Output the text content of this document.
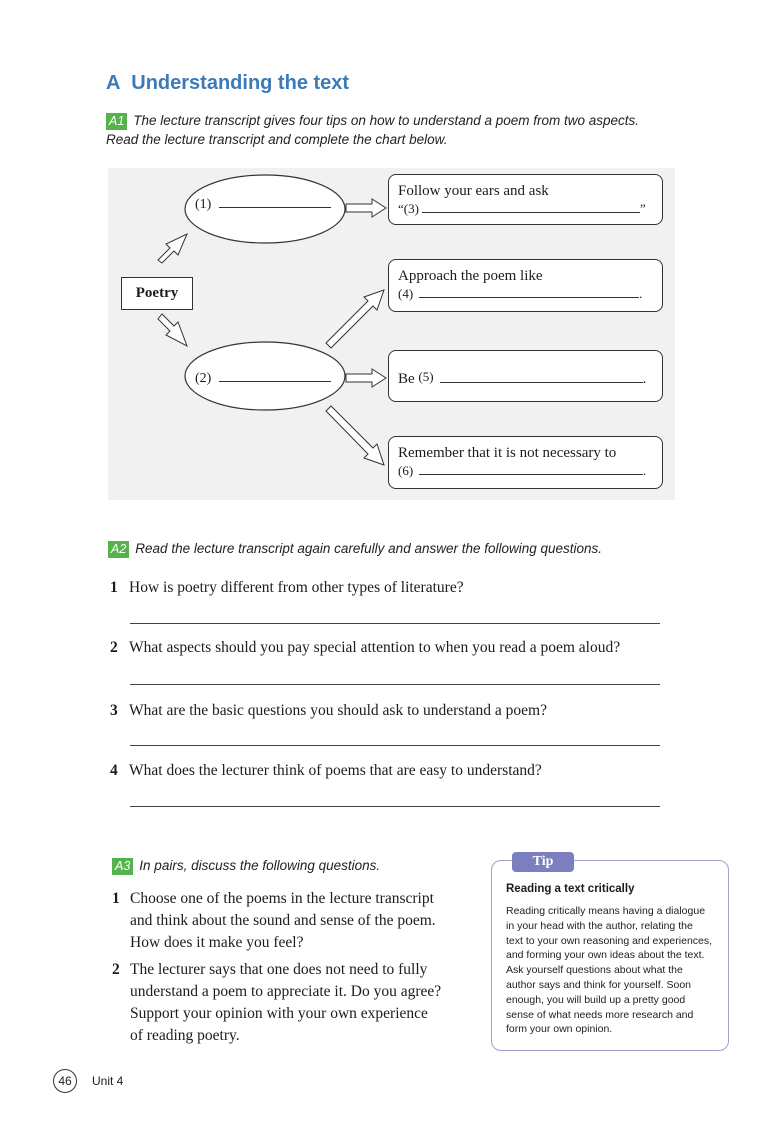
A Understanding the text
A1 The lecture transcript gives four tips on how to understand a poem from two aspects.
Read the lecture transcript and complete the chart below.
Poetry
(1)
(2)
Follow your ears and ask
“(3)	”
Approach the poem like
(4)	.
Be (5)	.
Remember that it is not necessary to
(6)	.
A2 Read the lecture transcript again carefully and answer the following questions.
1 How is poetry different from other types of literature?
2 What aspects should you pay special attention to when you read a poem aloud?
3 What are the basic questions you should ask to understand a poem?
4 What does the lecturer think of poems that are easy to understand?
A3 In pairs, discuss the following questions.
1 Choose one of the poems in the lecture transcript
and think about the sound and sense of the poem.
How does it make you feel?
2 The lecturer says that one does not need to fully
understand a poem to appreciate it. Do you agree?
Support your opinion with your own experience
of reading poetry.
Tip
Reading a text critically
Reading critically means having a dialogue
in your head with the author, relating the
text to your own reasoning and experiences,
and forming your own ideas about the text.
Ask yourself questions about what the
author says and think for yourself. Soon
enough, you will build up a pretty good
sense of what needs more research and
form your own opinion.
46	Unit 4
